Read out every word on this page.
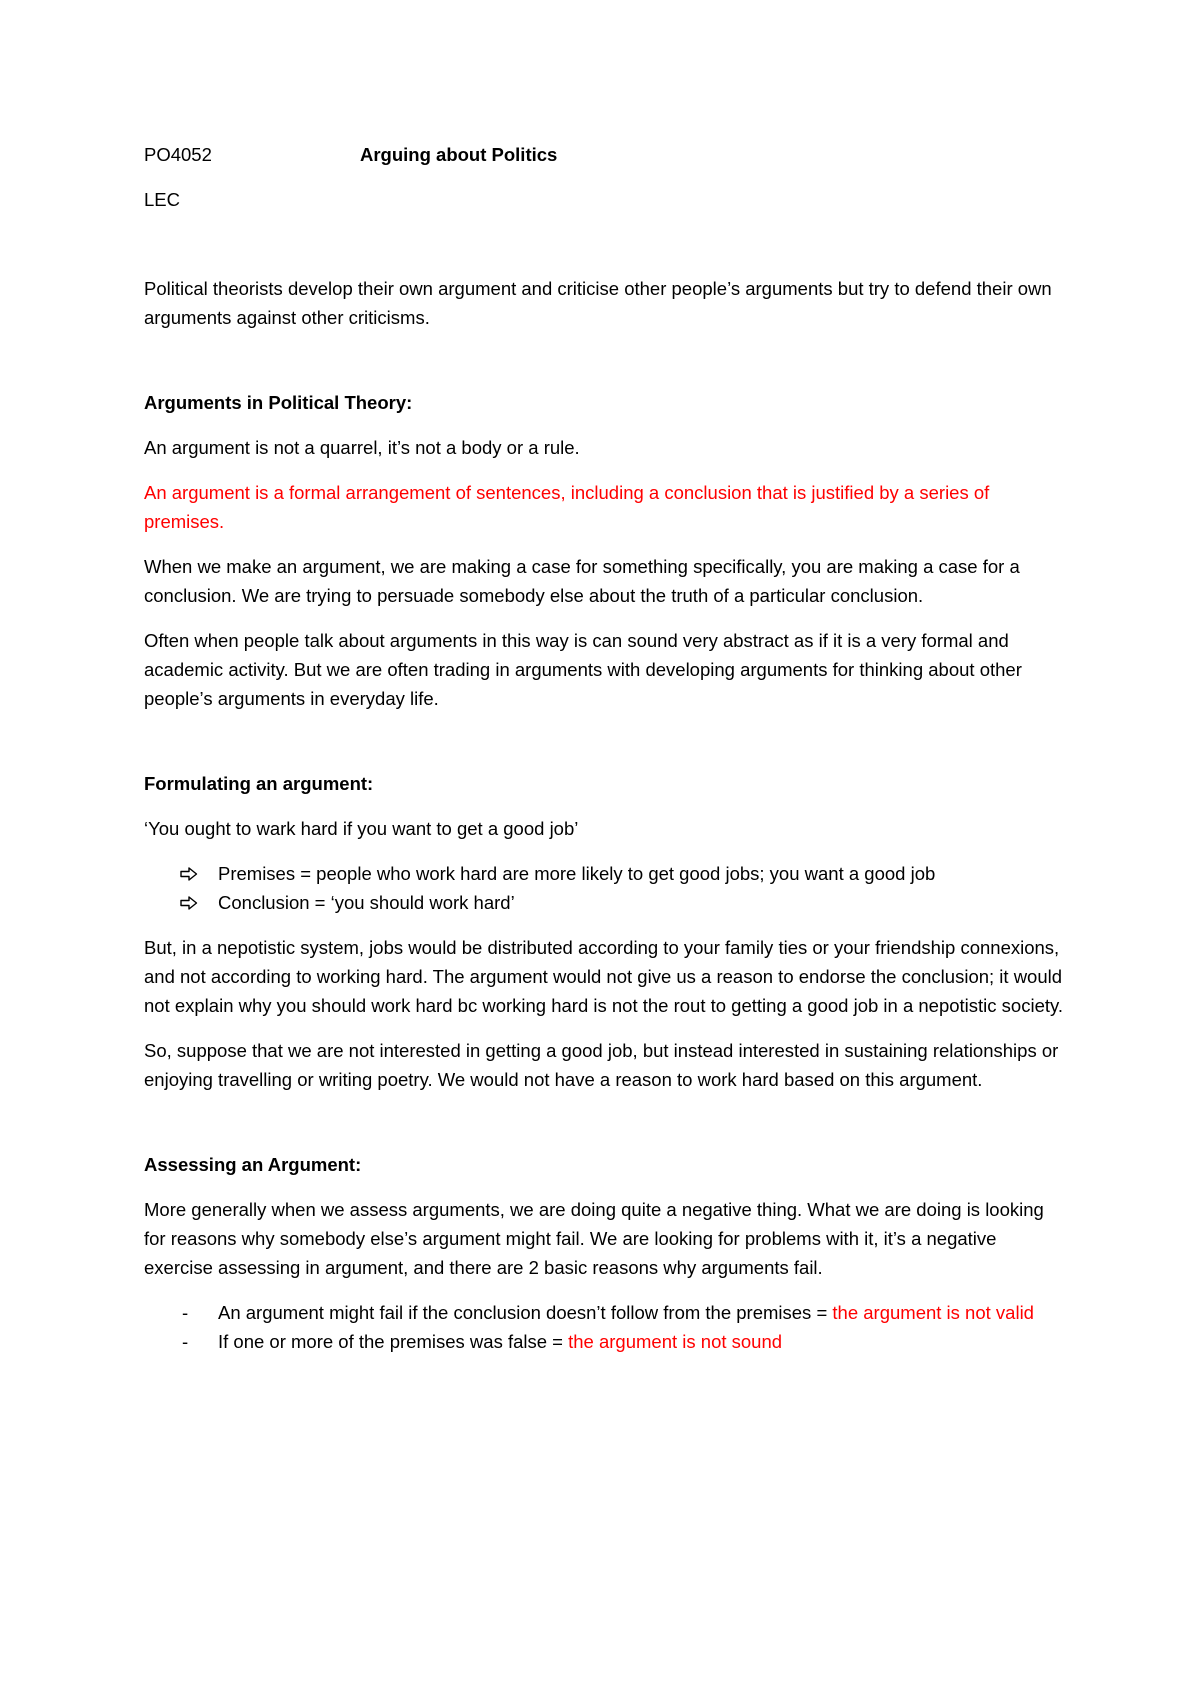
PO4052	Arguing about Politics

LEC

Political theorists develop their own argument and criticise other people’s arguments but try to defend their own arguments against other criticisms.

Arguments in Political Theory:

An argument is not a quarrel, it’s not a body or a rule.

An argument is a formal arrangement of sentences, including a conclusion that is justified by a series of premises.

When we make an argument, we are making a case for something specifically, you are making a case for a conclusion. We are trying to persuade somebody else about the truth of a particular conclusion.

Often when people talk about arguments in this way is can sound very abstract as if it is a very formal and academic activity. But we are often trading in arguments with developing arguments for thinking about other people’s arguments in everyday life.

Formulating an argument:

‘You ought to wark hard if you want to get a good job’

Premises = people who work hard are more likely to get good jobs; you want a good job
Conclusion = ‘you should work hard’

But, in a nepotistic system, jobs would be distributed according to your family ties or your friendship connexions, and not according to working hard. The argument would not give us a reason to endorse the conclusion; it would not explain why you should work hard bc working hard is not the rout to getting a good job in a nepotistic society.

So, suppose that we are not interested in getting a good job, but instead interested in sustaining relationships or enjoying travelling or writing poetry. We would not have a reason to work hard based on this argument.

Assessing an Argument:

More generally when we assess arguments, we are doing quite a negative thing. What we are doing is looking for reasons why somebody else’s argument might fail. We are looking for problems with it, it’s a negative exercise assessing in argument, and there are 2 basic reasons why arguments fail.

- An argument might fail if the conclusion doesn’t follow from the premises = the argument is not valid
- If one or more of the premises was false = the argument is not sound
